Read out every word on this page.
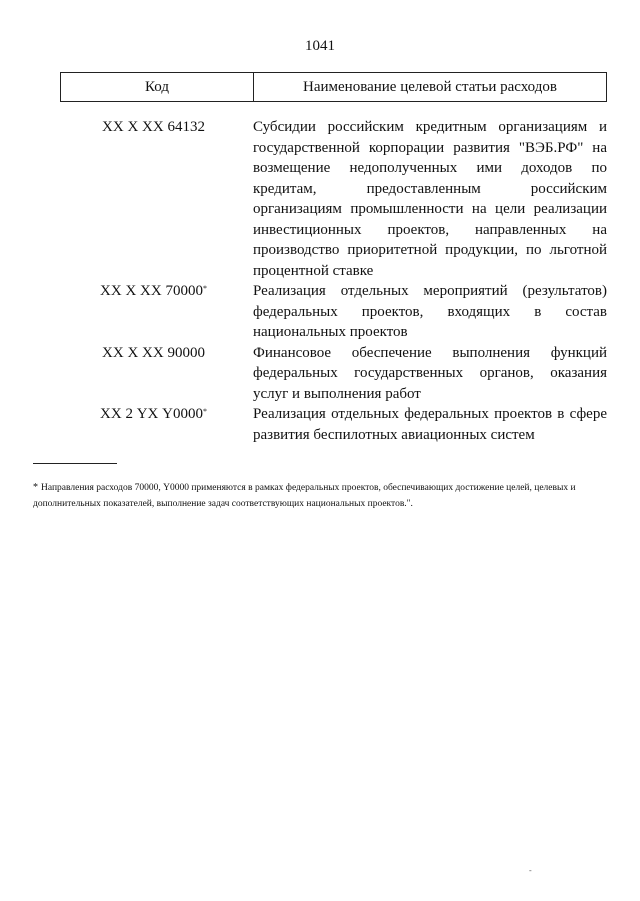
1041
Код	Наименование целевой статьи расходов
ХХ Х ХХ 64132	Субсидии российским кредитным организациям и государственной корпорации развития "ВЭБ.РФ" на возмещение недополученных ими доходов по кредитам, предоставленным российским организациям промышленности на цели реализации инвестиционных проектов, направленных на производство приоритетной продукции, по льготной процентной ставке
ХХ Х ХХ 70000*	Реализация отдельных мероприятий (результатов) федеральных проектов, входящих в состав национальных проектов
ХХ Х ХХ 90000	Финансовое обеспечение выполнения функций федеральных государственных органов, оказания услуг и выполнения работ
ХХ 2 YХ Y0000*	Реализация отдельных федеральных проектов в сфере развития беспилотных авиационных систем
* Направления расходов 70000, Y0000 применяются в рамках федеральных проектов, обеспечивающих достижение целей, целевых и дополнительных показателей, выполнение задач соответствующих национальных проектов.".
-
